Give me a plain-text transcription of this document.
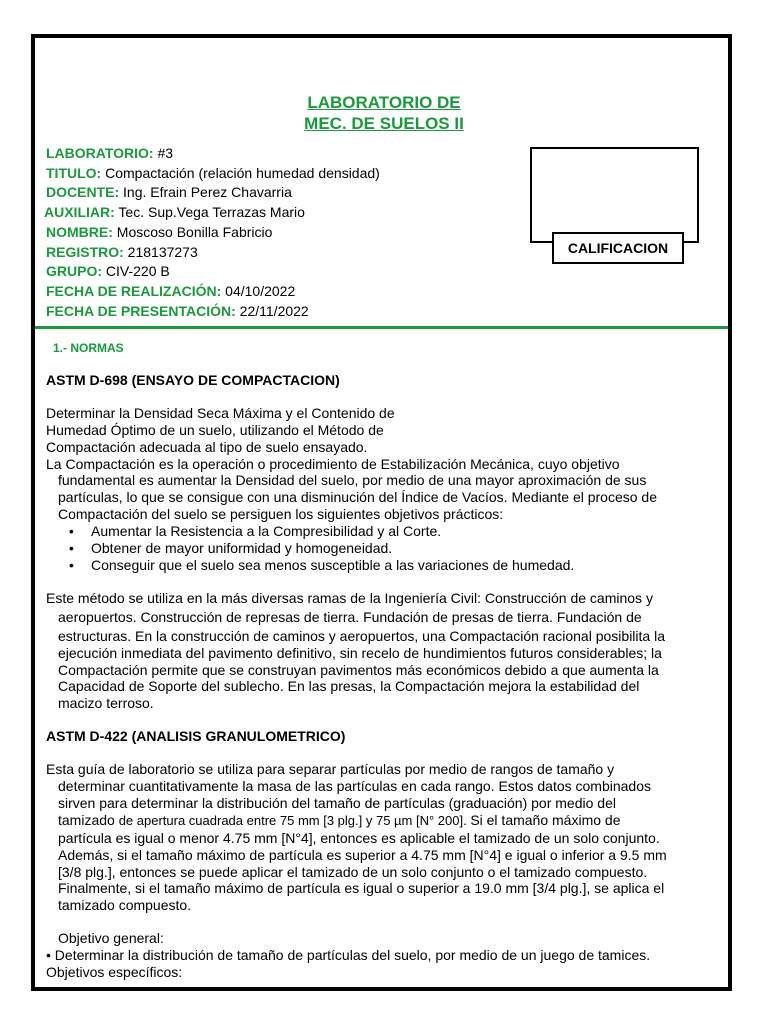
LABORATORIO DE
MEC. DE SUELOS II
LABORATORIO: #3
TITULO: Compactación (relación humedad densidad)
DOCENTE: Ing. Efrain Perez Chavarria
AUXILIAR: Tec. Sup.Vega Terrazas Mario
NOMBRE: Moscoso Bonilla Fabricio
REGISTRO: 218137273
GRUPO: CIV-220 B
FECHA DE REALIZACIÓN: 04/10/2022
FECHA DE PRESENTACIÓN: 22/11/2022
CALIFICACION
1.- NORMAS
ASTM D-698 (ENSAYO DE COMPACTACION)

Determinar la Densidad Seca Máxima y el Contenido de

Humedad Óptimo de un suelo, utilizando el Método de

Compactación adecuada al tipo de suelo ensayado.

La Compactación es la operación o procedimiento de Estabilización Mecánica, cuyo objetivo fundamental es aumentar la Densidad del suelo, por medio de una mayor aproximación de sus partículas, lo que se consigue con una disminución del Índice de Vacíos. Mediante el proceso de Compactación del suelo se persiguen los siguientes objetivos prácticos:

• Aumentar la Resistencia a la Compresibilidad y al Corte.
• Obtener de mayor uniformidad y homogeneidad.
• Conseguir que el suelo sea menos susceptible a las variaciones de humedad.

Este método se utiliza en la más diversas ramas de la Ingeniería Civil: Construcción de caminos y aeropuertos. Construcción de represas de tierra. Fundación de presas de tierra. Fundación de estructuras. En la construcción de caminos y aeropuertos, una Compactación racional posibilita la ejecución inmediata del pavimento definitivo, sin recelo de hundimientos futuros considerables; la Compactación permite que se construyan pavimentos más económicos debido a que aumenta la Capacidad de Soporte del sublecho. En las presas, la Compactación mejora la estabilidad del macizo terroso.

ASTM D-422 (ANALISIS GRANULOMETRICO)

Esta guía de laboratorio se utiliza para separar partículas por medio de rangos de tamaño y determinar cuantitativamente la masa de las partículas en cada rango. Estos datos combinados sirven para determinar la distribución del tamaño de partículas (graduación) por medio del tamizado de apertura cuadrada entre 75 mm [3 plg.] y 75 µm [N° 200]. Si el tamaño máximo de partícula es igual o menor 4.75 mm [N°4], entonces es aplicable el tamizado de un solo conjunto. Además, si el tamaño máximo de partícula es superior a 4.75 mm [N°4] e igual o inferior a 9.5 mm [3/8 plg.], entonces se puede aplicar el tamizado de un solo conjunto o el tamizado compuesto. Finalmente, si el tamaño máximo de partícula es igual o superior a 19.0 mm [3/4 plg.], se aplica el tamizado compuesto.

Objetivo general:

• Determinar la distribución de tamaño de partículas del suelo, por medio de un juego de tamices.

Objetivos específicos:
